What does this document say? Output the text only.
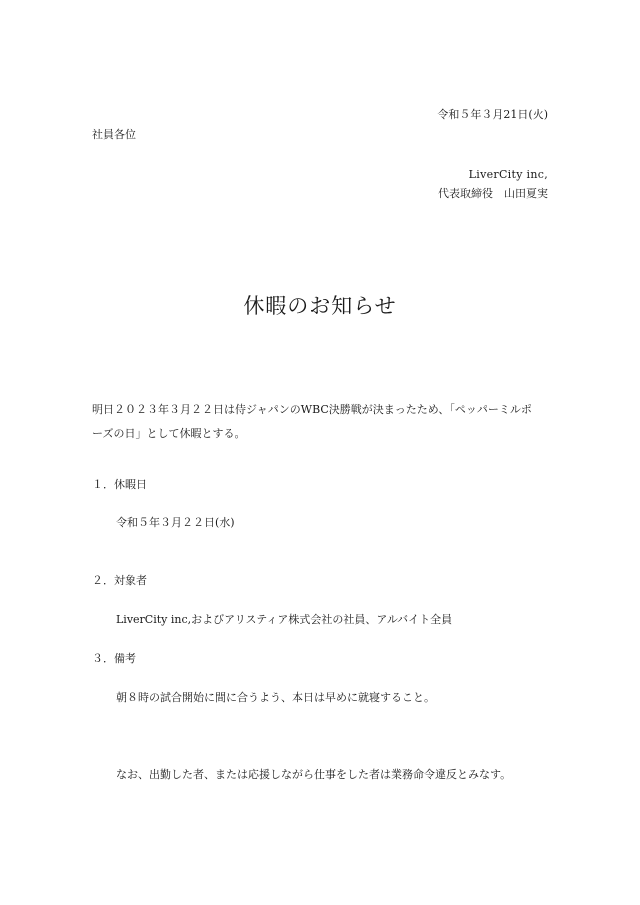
令和５年３月21日(火)
社員各位
LiverCity inc,
代表取締役　山田夏実
休暇のお知らせ
明日２０２３年３月２２日は侍ジャパンのWBC決勝戦が決まったため、「ペッパーミルポ
ーズの日」として休暇とする。
１．休暇日
令和５年３月２２日(水)
２．対象者
LiverCity inc,およびアリスティア株式会社の社員、アルバイト全員
３．備考
朝８時の試合開始に間に合うよう、本日は早めに就寝すること。
なお、出勤した者、または応援しながら仕事をした者は業務命令違反とみなす。
